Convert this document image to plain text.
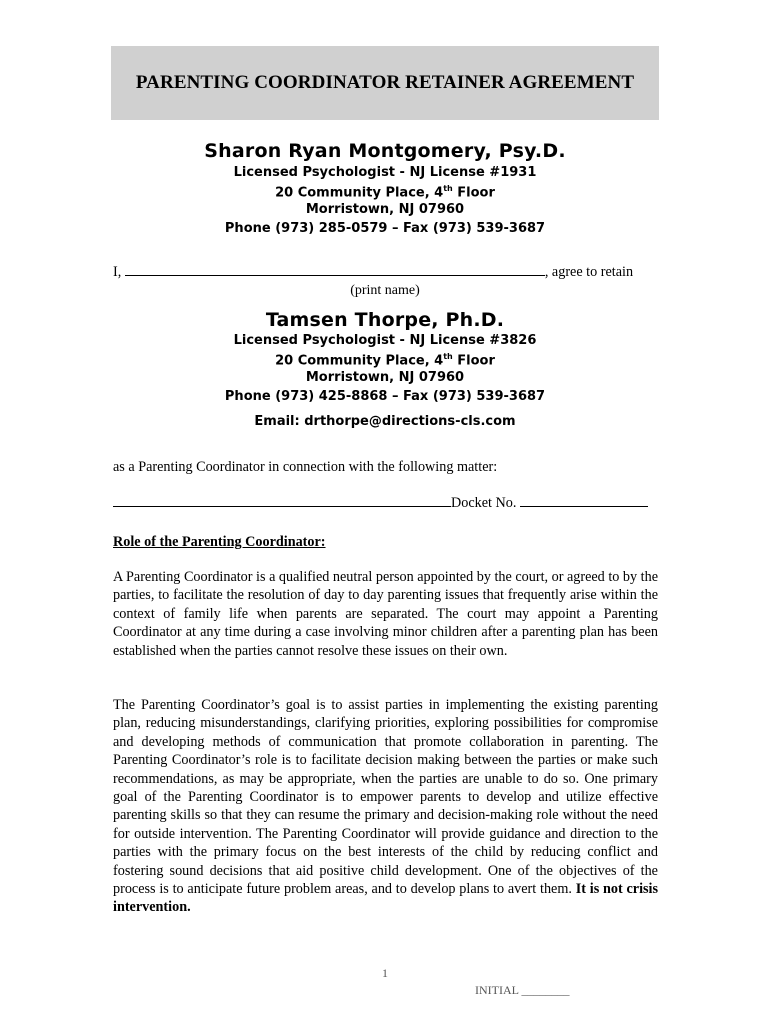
PARENTING COORDINATOR RETAINER AGREEMENT
Sharon Ryan Montgomery, Psy.D.
Licensed Psychologist - NJ License #1931
20 Community Place, 4th Floor
Morristown, NJ 07960
Phone (973) 285-0579 – Fax (973) 539-3687
I,	, agree to retain
(print name)
Tamsen Thorpe, Ph.D.
Licensed Psychologist - NJ License #3826
20 Community Place, 4th Floor
Morristown, NJ 07960
Phone (973) 425-8868 – Fax (973) 539-3687
Email: drthorpe@directions-cls.com
as a Parenting Coordinator in connection with the following matter:
Docket No.
Role of the Parenting Coordinator:
A Parenting Coordinator is a qualified neutral person appointed by the court, or agreed to by the parties, to facilitate the resolution of day to day parenting issues that frequently arise within the context of family life when parents are separated. The court may appoint a Parenting Coordinator at any time during a case involving minor children after a parenting plan has been established when the parties cannot resolve these issues on their own.
The Parenting Coordinator’s goal is to assist parties in implementing the existing parenting plan, reducing misunderstandings, clarifying priorities, exploring possibilities for compromise and developing methods of communication that promote collaboration in parenting. The Parenting Coordinator’s role is to facilitate decision making between the parties or make such recommendations, as may be appropriate, when the parties are unable to do so. One primary goal of the Parenting Coordinator is to empower parents to develop and utilize effective parenting skills so that they can resume the primary and decision-making role without the need for outside intervention. The Parenting Coordinator will provide guidance and direction to the parties with the primary focus on the best interests of the child by reducing conflict and fostering sound decisions that aid positive child development. One of the objectives of the process is to anticipate future problem areas, and to develop plans to avert them. It is not crisis intervention.
1
INITIAL ________
